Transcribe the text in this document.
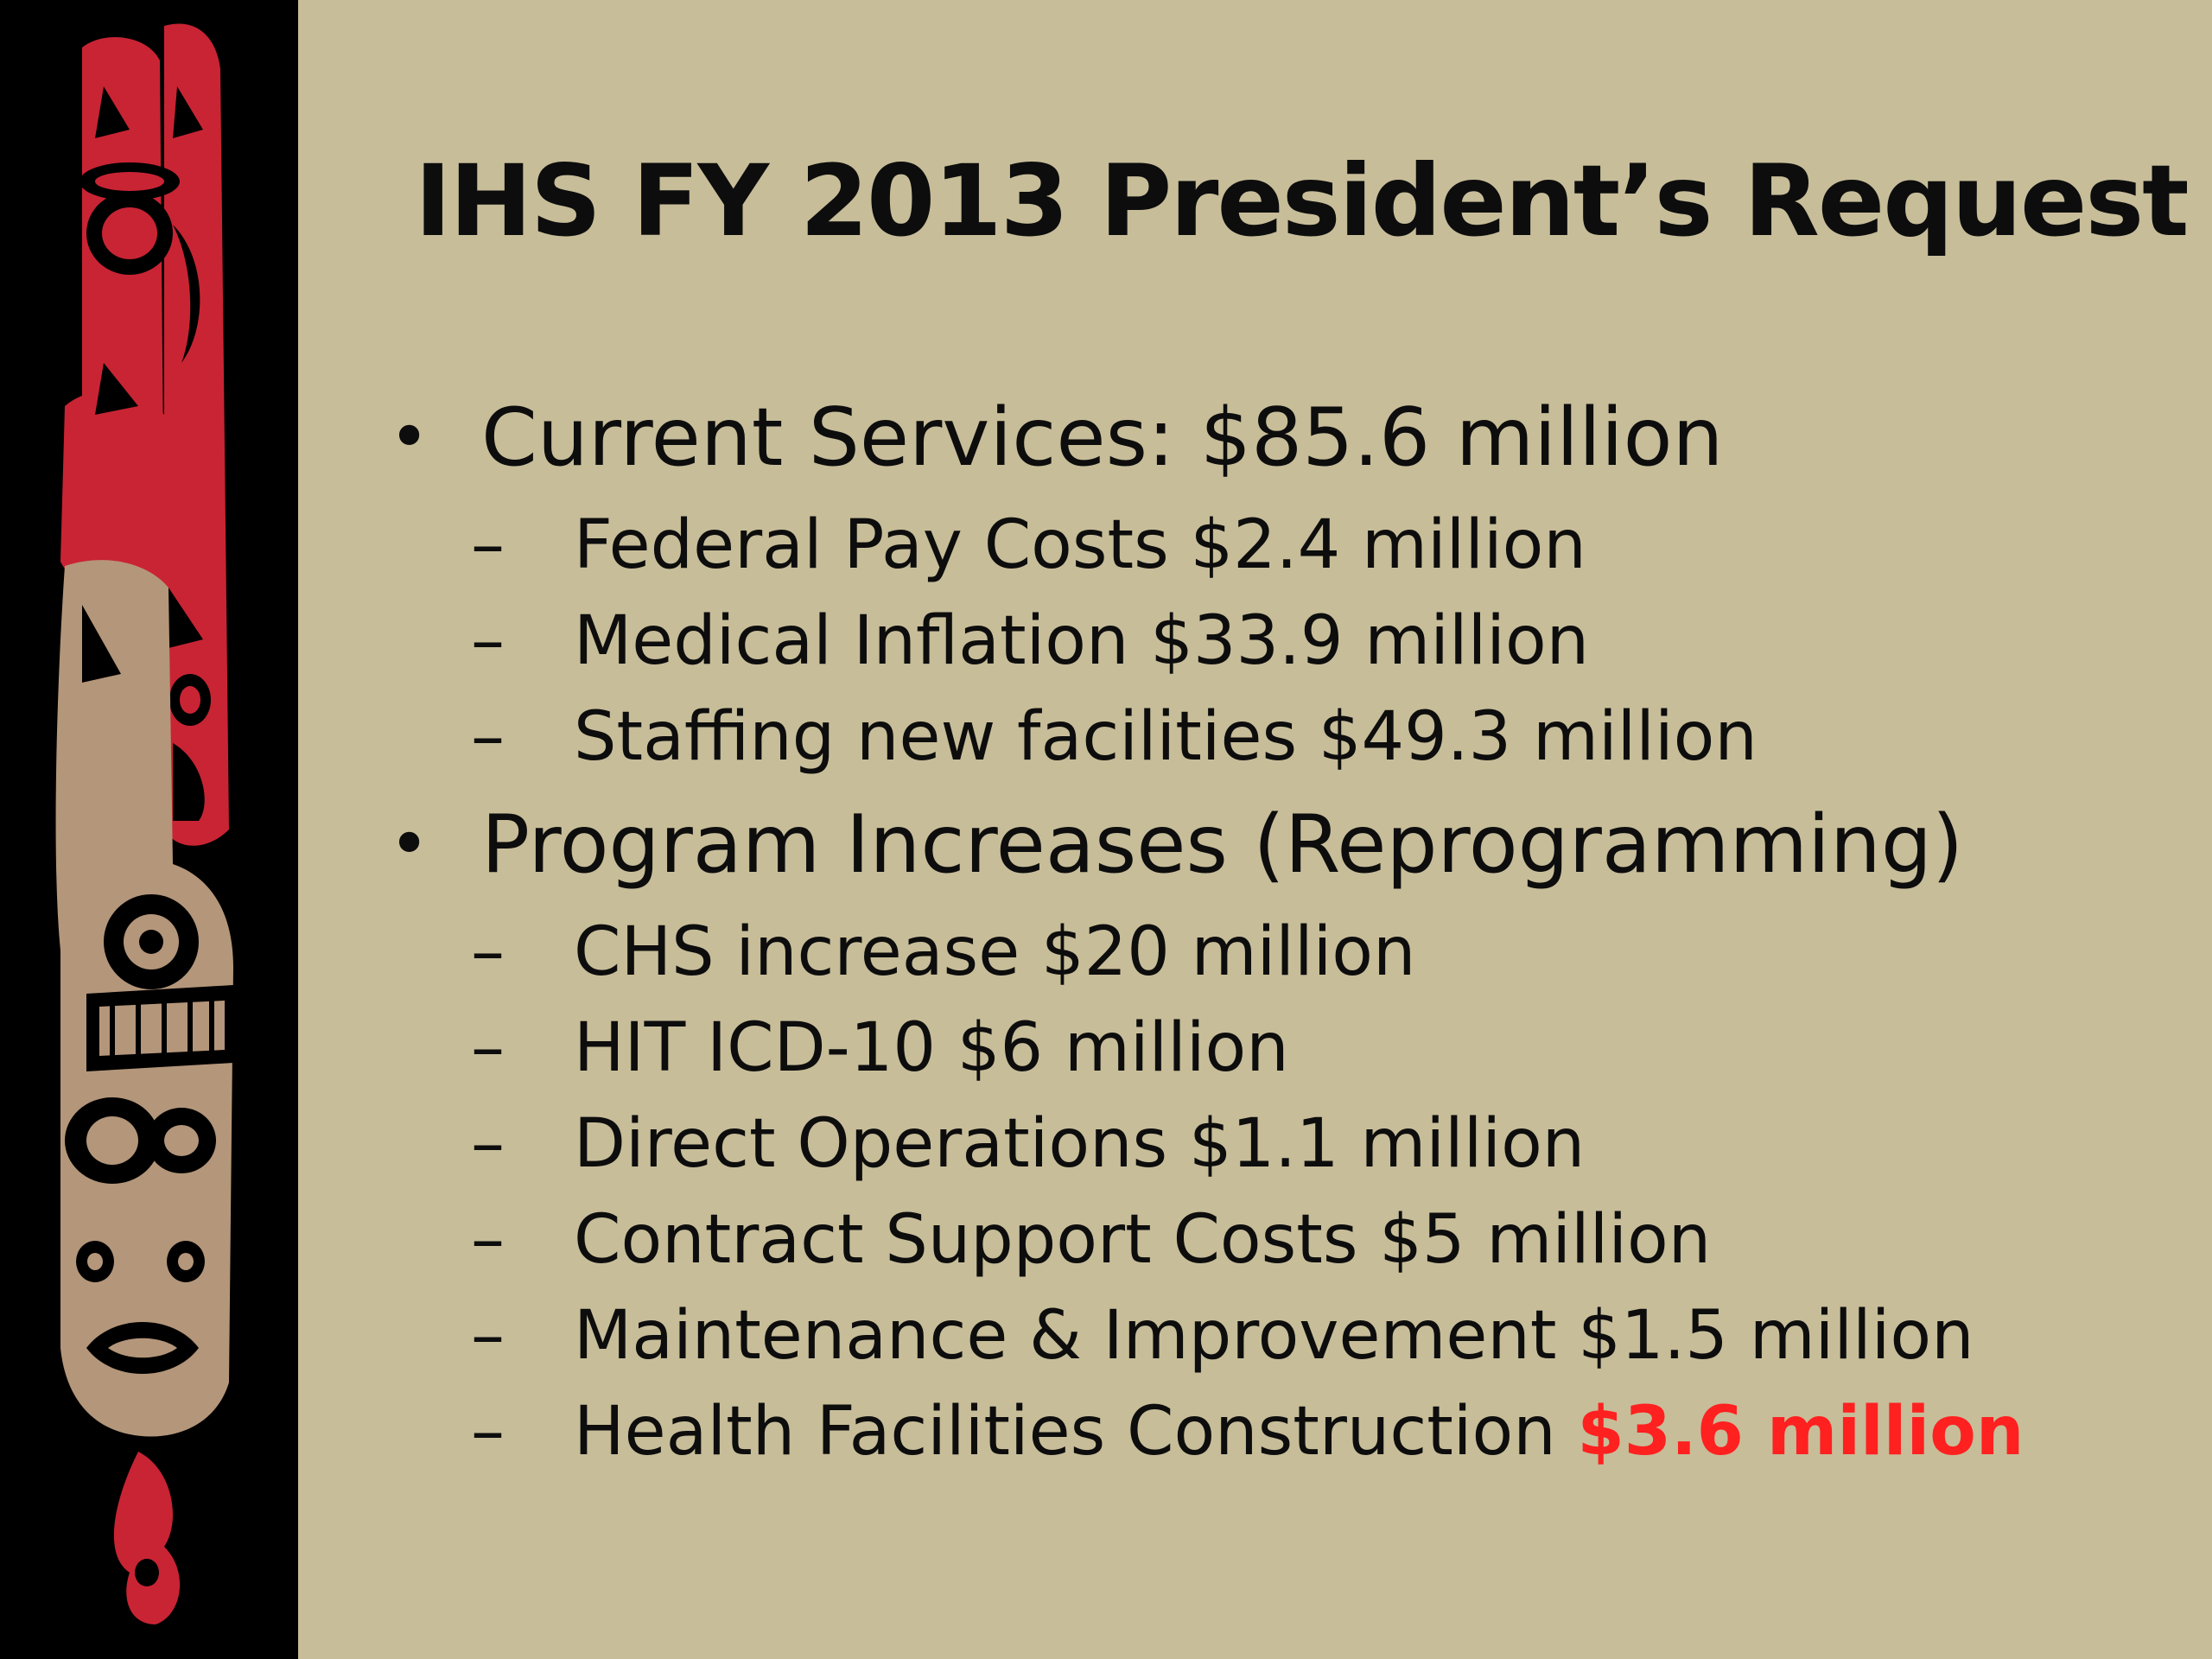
IHS FY 2013 President’s Request
• Current Services: $85.6 million
– Federal Pay Costs $2.4 million
– Medical Inflation $33.9 million
– Staffing new facilities $49.3 million
• Program Increases (Reprogramming)
– CHS increase $20 million
– HIT ICD-10 $6 million
– Direct Operations $1.1 million
– Contract Support Costs $5 million
– Maintenance & Improvement $1.5 million
– Health Facilities Construction $3.6 million
